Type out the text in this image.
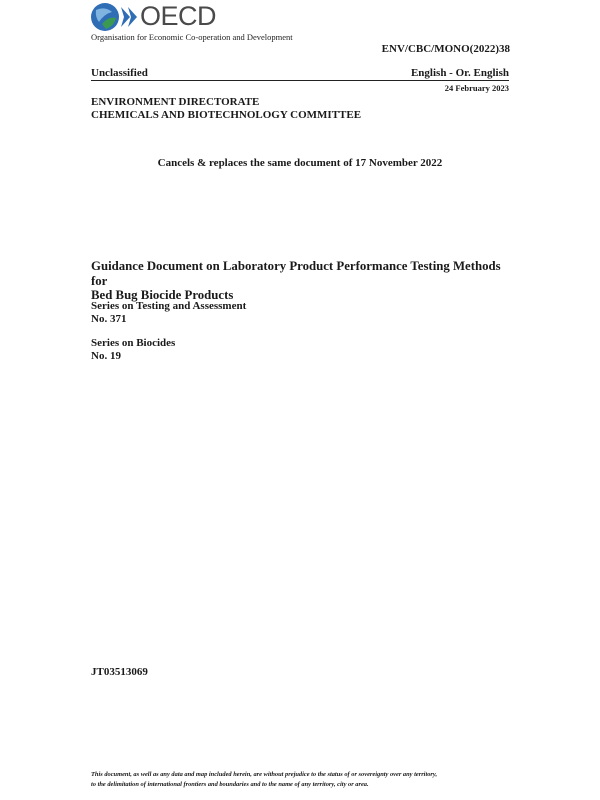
OECD
Organisation for Economic Co-operation and Development
ENV/CBC/MONO(2022)38
Unclassified	English - Or. English
24 February 2023
ENVIRONMENT DIRECTORATE
CHEMICALS AND BIOTECHNOLOGY COMMITTEE
Cancels & replaces the same document of 17 November 2022
Guidance Document on Laboratory Product Performance Testing Methods for
Bed Bug Biocide Products
Series on Testing and Assessment
No. 371
Series on Biocides
No. 19
JT03513069
This document, as well as any data and map included herein, are without prejudice to the status of or sovereignty over any territory,
to the delimitation of international frontiers and boundaries and to the name of any territory, city or area.
